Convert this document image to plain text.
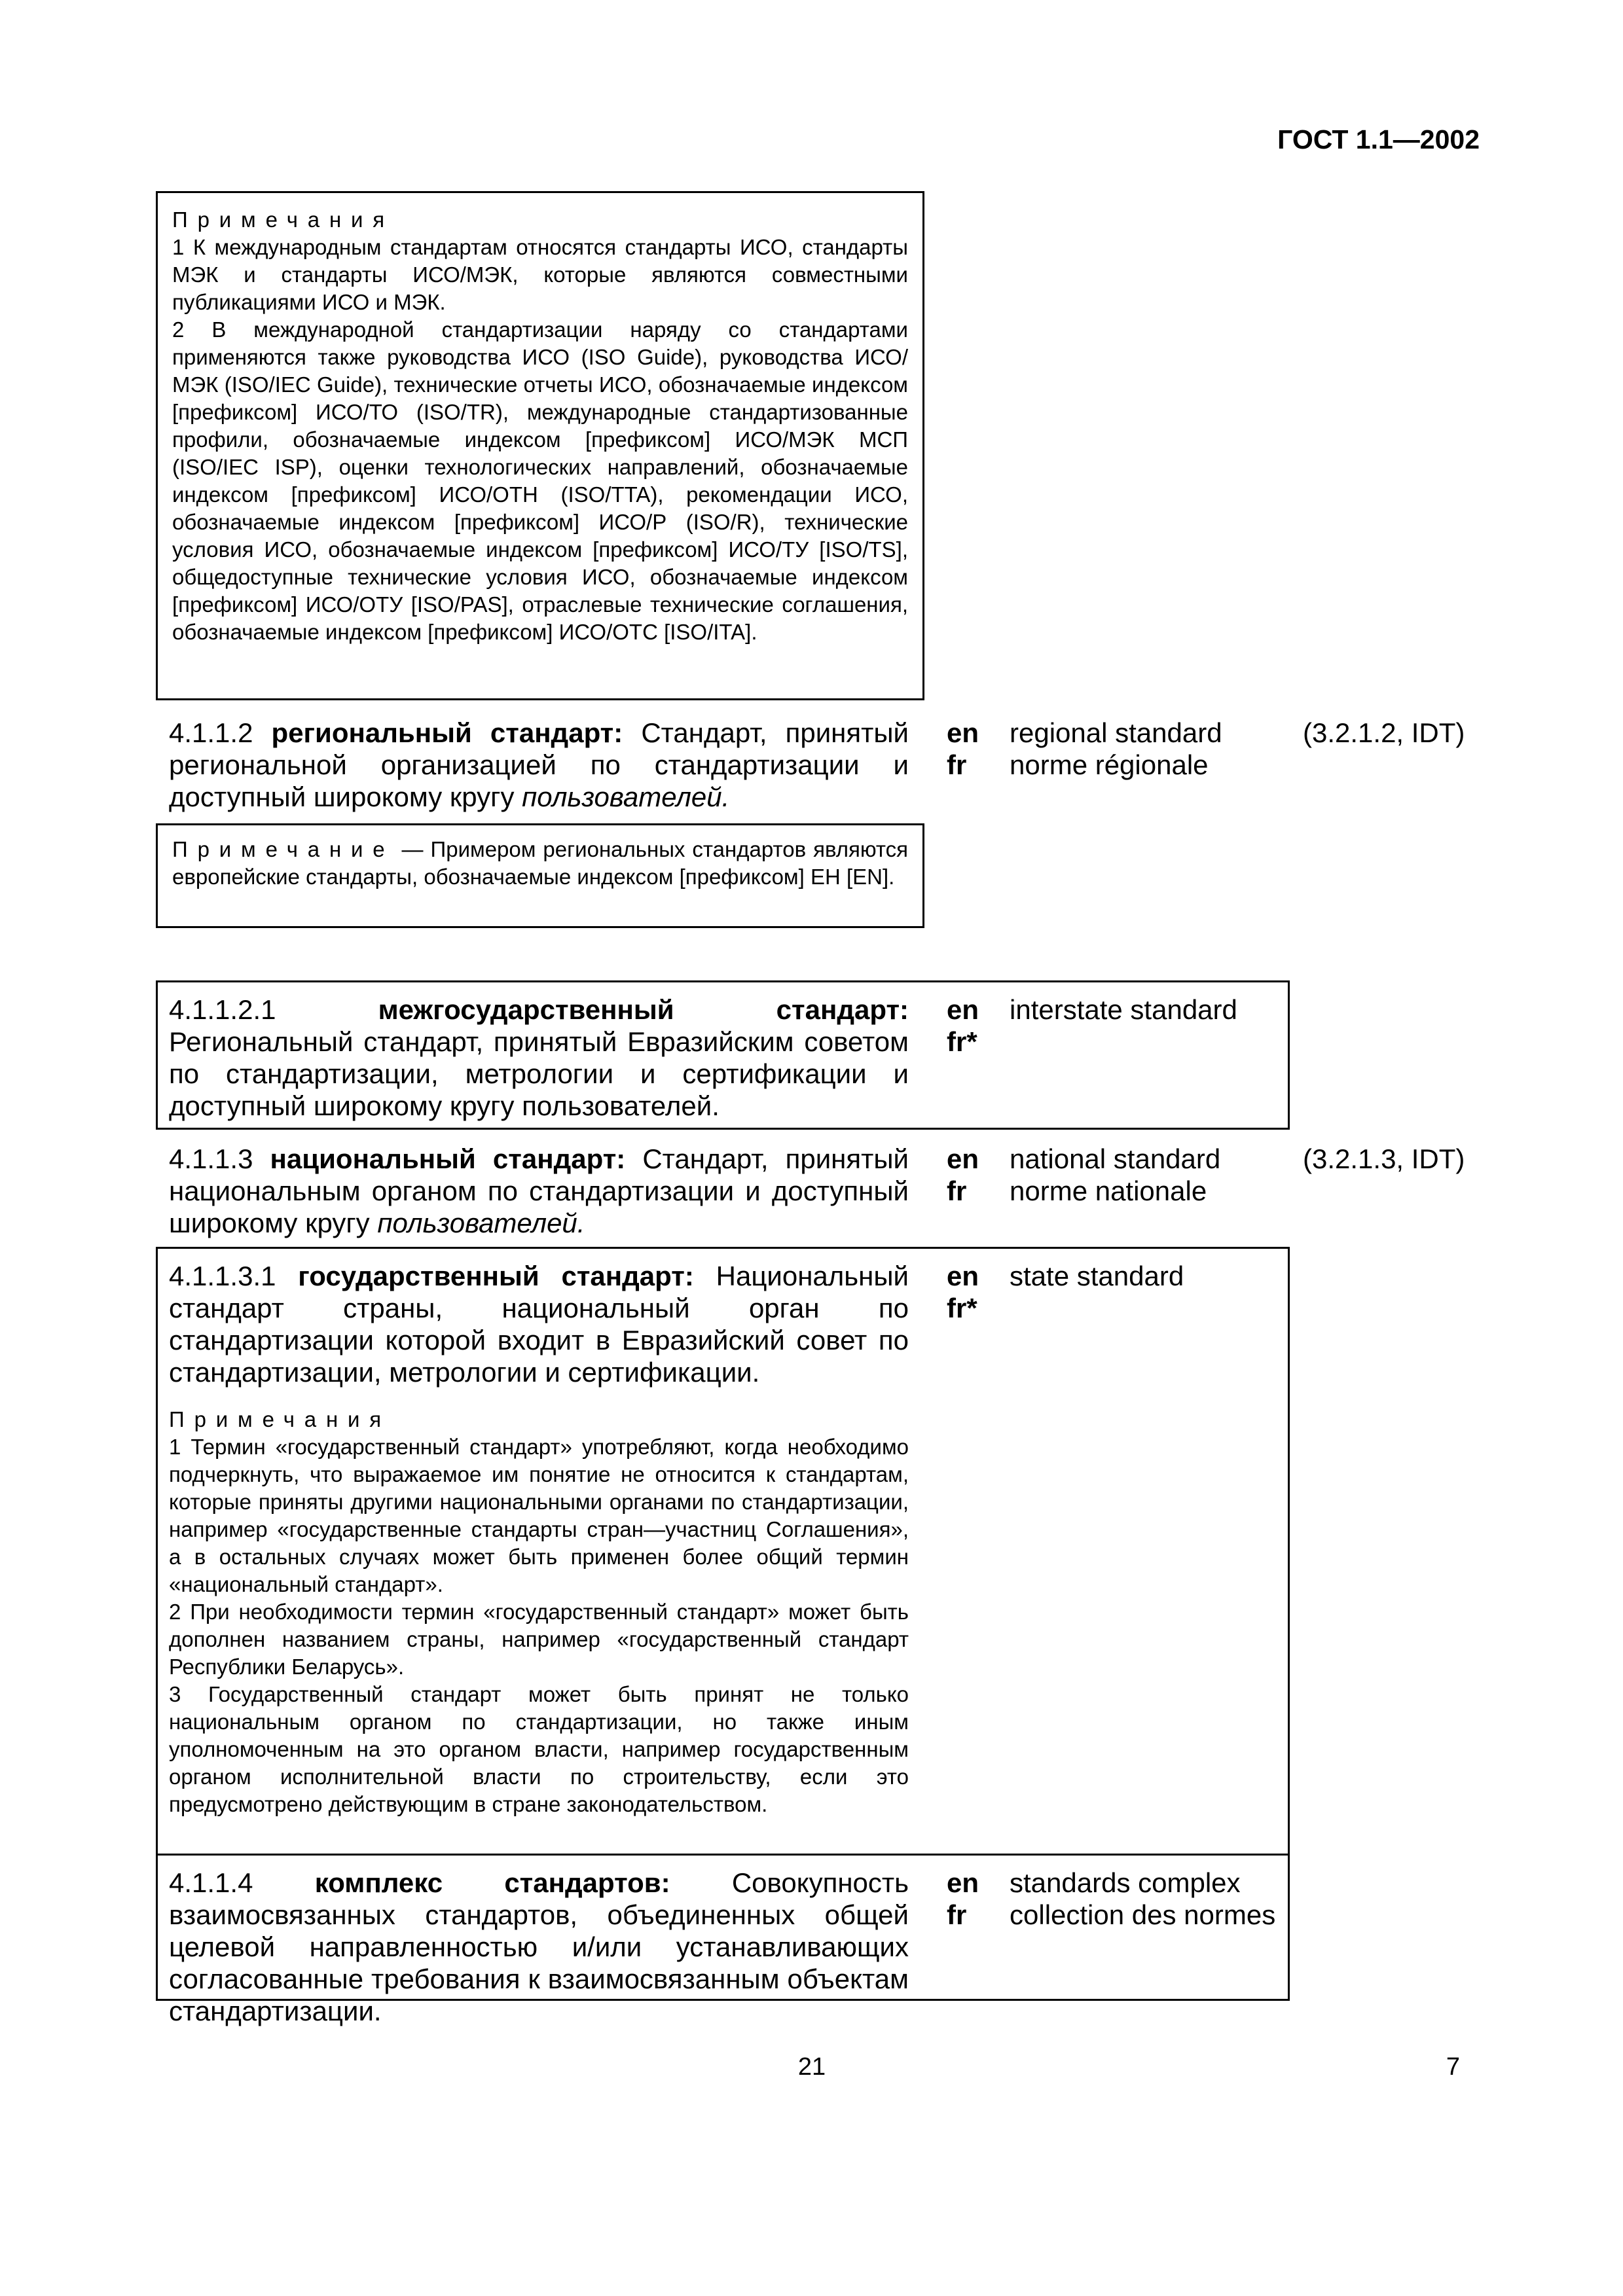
ГОСТ 1.1—2002
Примечания

1 К международным стандартам относятся стандарты ИСО, стандарты МЭК и стандарты ИСО/МЭК, которые являются совместными публикациями ИСО и МЭК.

2 В международной стандартизации наряду со стандартами применяются также руководства ИСО (ISO Guide), руководства ИСО/МЭК (ISO/IEC Guide), технические отчеты ИСО, обозначаемые индексом [префиксом] ИСО/ТО (ISO/TR), международные стандартизованные профили, обозначаемые индексом [префиксом] ИСО/МЭК МСП (ISO/IEC ISP), оценки технологических направлений, обозначаемые индексом [префиксом] ИСО/ОТН (ISO/TTA), рекомендации ИСО, обозначаемые индексом [префиксом] ИСО/Р (ISO/R), технические условия ИСО, обозначаемые индексом [префиксом] ИСО/ТУ [ISO/TS], общедоступные технические условия ИСО, обозначаемые индексом [префиксом] ИСО/ОТУ [ISO/PAS], отраслевые технические соглашения, обозначаемые индексом [префиксом] ИСО/ОТС [ISO/ITA].

4.1.1.2 региональный стандарт: Стандарт, принятый региональной организацией по стандартизации и доступный широкому кругу пользователей.
en
fr
regional standard
norme régionale
(3.2.1.2, IDT)

Примечание — Примером региональных стандартов являются европейские стандарты, обозначаемые индексом [префиксом] ЕН [EN].

4.1.1.2.1	межгосударственный стандарт: Региональный стандарт, принятый Евразийским советом по стандартизации, метрологии и сертификации и доступный широкому кругу пользователей.
en
fr*
interstate standard
4.1.1.3 национальный стандарт: Стандарт, принятый национальным органом по стандартизации и доступный широкому кругу пользователей.
en
fr
national standard
norme nationale
(3.2.1.3, IDT)
4.1.1.3.1 государственный стандарт: Национальный стандарт страны, национальный орган по стандартизации которой входит в Евразийский совет по стандартизации, метрологии и сертификации.
en
fr*
state standard
Примечания

1 Термин «государственный стандарт» употребляют, когда необходимо подчеркнуть, что выражаемое им понятие не относится к стандартам, которые приняты другими национальными органами по стандартизации, например «государственные стандарты стран—участниц Соглашения», а в остальных случаях может быть применен более общий термин «национальный стандарт».

2 При необходимости термин «государственный стандарт» может быть дополнен названием страны, например «государственный стандарт Республики Беларусь».

3 Государственный стандарт может быть принят не только национальным органом по стандартизации, но также иным уполномоченным на это органом власти, например государственным органом исполнительной власти по строительству, если это предусмотрено действующим в стране законодательством.

4.1.1.4 комплекс стандартов: Совокупность взаимосвязанных стандартов, объединенных общей целевой направленностью и/или устанавливающих согласованные требования к взаимосвязанным объектам стандартизации.
en
fr
standards complex
collection des normes
21	7
